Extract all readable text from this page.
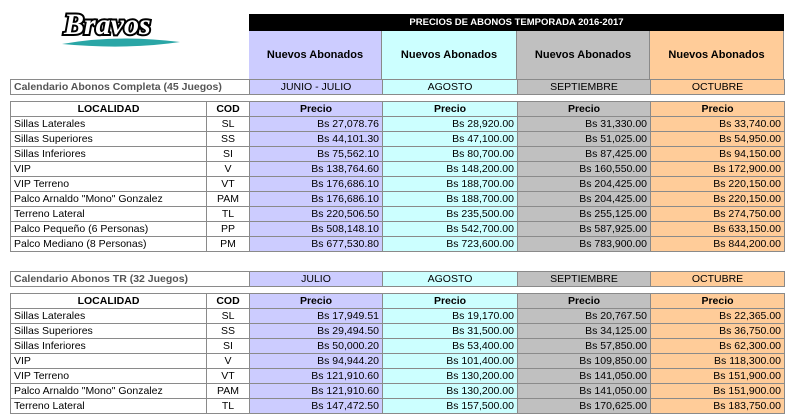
Bravos	PRECIOS DE ABONOS TEMPORADA 2016-2017
Nuevos Abonados	Nuevos Abonados	Nuevos Abonados	Nuevos Abonados
Calendario Abonos Completa (45 Juegos)		JUNIO - JULIO	AGOSTO	SEPTIEMBRE	OCTUBRE

LOCALIDAD	COD	Precio	Precio	Precio	Precio
Sillas Laterales	SL	Bs 27,078.76	Bs 28,920.00	Bs 31,330.00	Bs 33,740.00
Sillas Superiores	SS	Bs 44,101.30	Bs 47,100.00	Bs 51,025.00	Bs 54,950.00
Sillas Inferiores	SI	Bs 75,562.10	Bs 80,700.00	Bs 87,425.00	Bs 94,150.00
VIP	V	Bs 138,764.60	Bs 148,200.00	Bs 160,550.00	Bs 172,900.00
VIP Terreno	VT	Bs 176,686.10	Bs 188,700.00	Bs 204,425.00	Bs 220,150.00
Palco Arnaldo "Mono" Gonzalez	PAM	Bs 176,686.10	Bs 188,700.00	Bs 204,425.00	Bs 220,150.00
Terreno Lateral	TL	Bs 220,506.50	Bs 235,500.00	Bs 255,125.00	Bs 274,750.00
Palco Pequeño (6 Personas)	PP	Bs 508,148.10	Bs 542,700.00	Bs 587,925.00	Bs 633,150.00
Palco Mediano (8 Personas)	PM	Bs 677,530.80	Bs 723,600.00	Bs 783,900.00	Bs 844,200.00
Calendario Abonos TR (32 Juegos)		JULIO	AGOSTO	SEPTIEMBRE	OCTUBRE

LOCALIDAD	COD	Precio	Precio	Precio	Precio
Sillas Laterales	SL	Bs 17,949.51	Bs 19,170.00	Bs 20,767.50	Bs 22,365.00
Sillas Superiores	SS	Bs 29,494.50	Bs 31,500.00	Bs 34,125.00	Bs 36,750.00
Sillas Inferiores	SI	Bs 50,000.20	Bs 53,400.00	Bs 57,850.00	Bs 62,300.00
VIP	V	Bs 94,944.20	Bs 101,400.00	Bs 109,850.00	Bs 118,300.00
VIP Terreno	VT	Bs 121,910.60	Bs 130,200.00	Bs 141,050.00	Bs 151,900.00
Palco Arnaldo "Mono" Gonzalez	PAM	Bs 121,910.60	Bs 130,200.00	Bs 141,050.00	Bs 151,900.00
Terreno Lateral	TL	Bs 147,472.50	Bs 157,500.00	Bs 170,625.00	Bs 183,750.00
